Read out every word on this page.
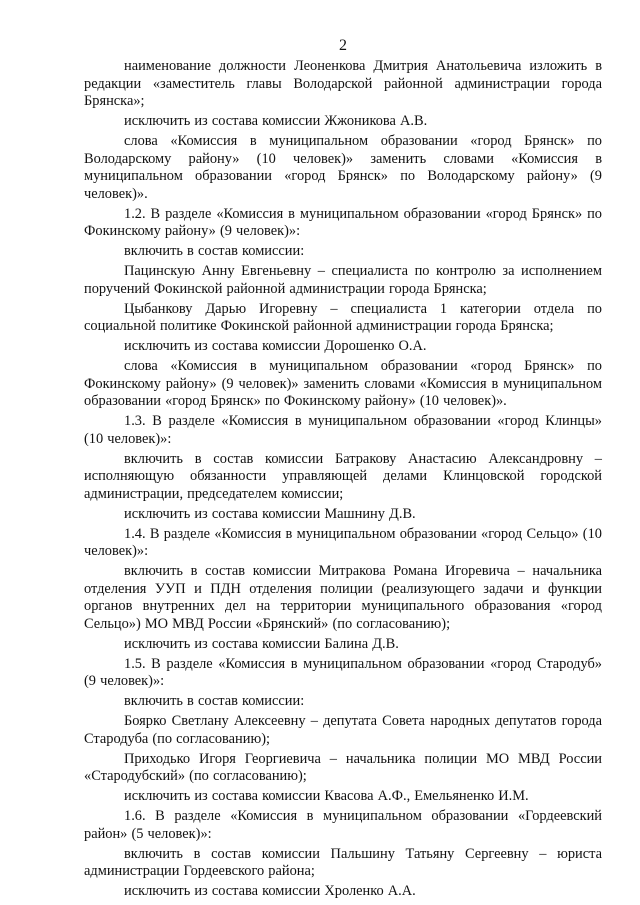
2

наименование должности Леоненкова Дмитрия Анатольевича изложить в редакции «заместитель главы Володарской районной администрации города Брянска»;

исключить из состава комиссии Жжоникова А.В.

слова «Комиссия в муниципальном образовании «город Брянск» по Володарскому району» (10 человек)» заменить словами «Комиссия в муниципальном образовании «город Брянск» по Володарскому району» (9 человек)».

1.2. В разделе «Комиссия в муниципальном образовании «город Брянск» по Фокинскому району» (9 человек)»:

включить в состав комиссии:

Пацинскую Анну Евгеньевну – специалиста по контролю за исполнением поручений Фокинской районной администрации города Брянска;

Цыбанкову Дарью Игоревну – специалиста 1 категории отдела по социальной политике Фокинской районной администрации города Брянска;

исключить из состава комиссии Дорошенко О.А.

слова «Комиссия в муниципальном образовании «город Брянск» по Фокинскому району» (9 человек)» заменить словами «Комиссия в муниципальном образовании «город Брянск» по Фокинскому району» (10 человек)».

1.3. В разделе «Комиссия в муниципальном образовании «город Клинцы» (10 человек)»:

включить в состав комиссии Батракову Анастасию Александровну – исполняющую обязанности управляющей делами Клинцовской городской администрации, председателем комиссии;

исключить из состава комиссии Машнину Д.В.

1.4. В разделе «Комиссия в муниципальном образовании «город Сельцо» (10 человек)»:

включить в состав комиссии Митракова Романа Игоревича – начальника отделения УУП и ПДН отделения полиции (реализующего задачи и функции органов внутренних дел на территории муниципального образования «город Сельцо») МО МВД России «Брянский» (по согласованию);

исключить из состава комиссии Балина Д.В.

1.5. В разделе «Комиссия в муниципальном образовании «город Стародуб» (9 человек)»:

включить в состав комиссии:

Боярко Светлану Алексеевну – депутата Совета народных депутатов города Стародуба (по согласованию);

Приходько Игоря Георгиевича – начальника полиции МО МВД России «Стародубский» (по согласованию);

исключить из состава комиссии Квасова А.Ф., Емельяненко И.М.

1.6. В разделе «Комиссия в муниципальном образовании «Гордеевский район» (5 человек)»:

включить в состав комиссии Пальшину Татьяну Сергеевну – юриста администрации Гордеевского района;

исключить из состава комиссии Хроленко А.А.
